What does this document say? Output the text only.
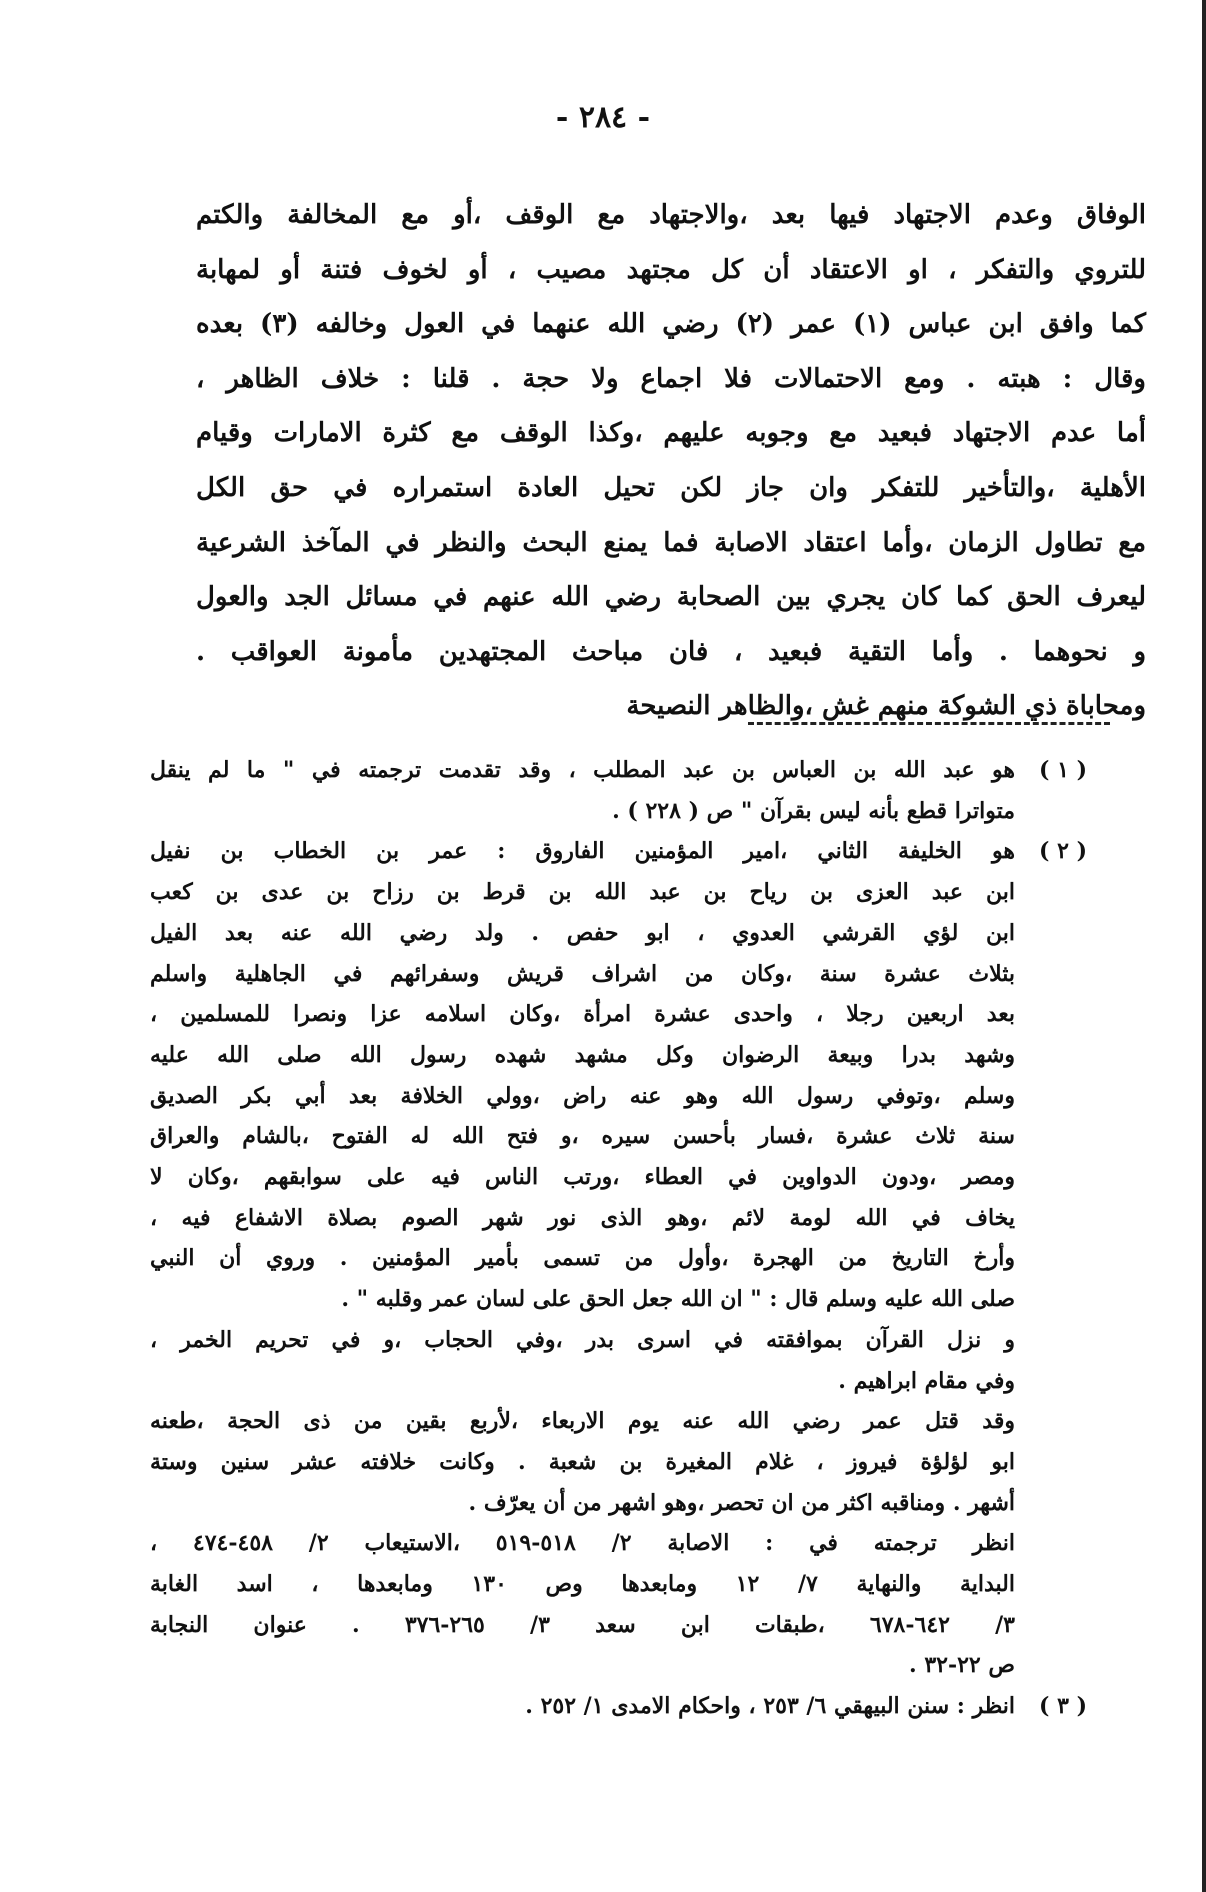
- ٢٨٤ -
الوفاق وعدم الاجتهاد فيها بعد ،والاجتهاد مع الوقف ،أو مع المخالفة والكتم
للتروي والتفكر ، او الاعتقاد أن كل مجتهد مصيب ، أو لخوف فتنة أو لمهابة
كما وافق ابن عباس (١) عمر (٢) رضي الله عنهما في العول وخالفه (٣) بعده
وقال : هبته . ومع الاحتمالات فلا اجماع ولا حجة . قلنا : خلاف الظاهر ،
أما عدم الاجتهاد فبعيد مع وجوبه عليهم ،وكذا الوقف مع كثرة الامارات وقيام
الأهلية ،والتأخير للتفكر وان جاز لكن تحيل العادة استمراره في حق الكل
مع تطاول الزمان ،وأما اعتقاد الاصابة فما يمنع البحث والنظر في المآخذ الشرعية
ليعرف الحق كما كان يجري بين الصحابة رضي الله عنهم في مسائل الجد والعول
و نحوهما . وأما التقية فبعيد ، فان مباحث المجتهدين مأمونة العواقب .
ومحاباة ذي الشوكة منهم غش ،والظاهر النصيحة
( ١ )
هو عبد الله بن العباس بن عبد المطلب ، وقد تقدمت ترجمته في " ما لم ينقل
متواترا قطع بأنه ليس بقرآن " ص ( ٢٢٨ ) .
( ٢ )
هو الخليفة الثاني ،امير المؤمنين الفاروق : عمر بن الخطاب بن نفيل
ابن عبد العزى بن رياح بن عبد الله بن قرط بن رزاح بن عدى بن كعب
ابن لؤي القرشي العدوي ، ابو حفص . ولد رضي الله عنه بعد الفيل
بثلاث عشرة سنة ،وكان من اشراف قريش وسفرائهم في الجاهلية واسلم
بعد اربعين رجلا ، واحدى عشرة امرأة ،وكان اسلامه عزا ونصرا للمسلمين ،
وشهد بدرا وبيعة الرضوان وكل مشهد شهده رسول الله صلى الله عليه
وسلم ،وتوفي رسول الله وهو عنه راض ،وولي الخلافة بعد أبي بكر الصديق
سنة ثلاث عشرة ،فسار بأحسن سيره ،و فتح الله له الفتوح ،بالشام والعراق
ومصر ،ودون الدواوين في العطاء ،ورتب الناس فيه على سوابقهم ،وكان لا
يخاف في الله لومة لائم ،وهو الذى نور شهر الصوم بصلاة الاشفاع فيه ،
وأرخ التاريخ من الهجرة ،وأول من تسمى بأمير المؤمنين . وروي أن النبي
صلى الله عليه وسلم قال : " ان الله جعل الحق على لسان عمر وقلبه " .
و نزل القرآن بموافقته في اسرى بدر ،وفي الحجاب ،و في تحريم الخمر ،
وفي مقام ابراهيم .
وقد قتل عمر رضي الله عنه يوم الاربعاء ،لأربع بقين من ذى الحجة ،طعنه
ابو لؤلؤة فيروز ، غلام المغيرة بن شعبة . وكانت خلافته عشر سنين وستة
أشهر . ومناقبه اكثر من ان تحصر ،وهو اشهر من أن يعرّف .
انظر ترجمته في : الاصابة ٢/ ٥١٨-٥١٩ ،الاستيعاب ٢/ ٤٥٨-٤٧٤ ،
البداية والنهاية ٧/ ١٢ ومابعدها وص ١٣٠ ومابعدها ، اسد الغابة
٣/ ٦٤٢-٦٧٨ ،طبقات ابن سعد ٣/ ٢٦٥-٣٧٦ . عنوان النجابة
ص ٢٢-٣٢ .
( ٣ )
انظر : سنن البيهقي ٦/ ٢٥٣ ، واحكام الامدى ١/ ٢٥٢ .
